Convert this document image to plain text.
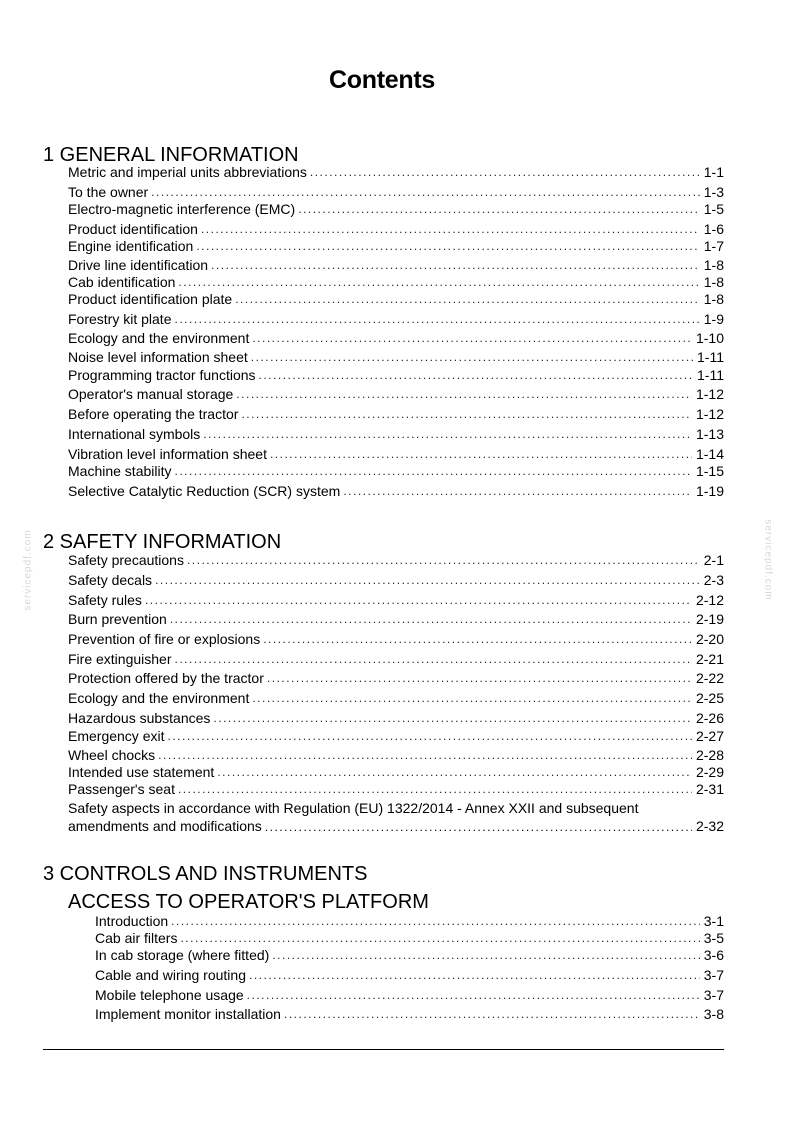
Contents
servicepdf.com	servicepdf.com
1 GENERAL INFORMATION
Metric and imperial units abbreviations .....	1-1
To the owner .....	1-3
Electro-magnetic interference (EMC) .....	1-5
Product identification .....	1-6
Engine identification .....	1-7
Drive line identification .....	1-8
Cab identification .....	1-8
Product identification plate .....	1-8
Forestry kit plate .....	1-9
Ecology and the environment .....	1-10
Noise level information sheet .....	1-11
Programming tractor functions .....	1-11
Operator's manual storage .....	1-12
Before operating the tractor .....	1-12
International symbols .....	1-13
Vibration level information sheet .....	1-14
Machine stability .....	1-15
Selective Catalytic Reduction (SCR) system .....	1-19
2 SAFETY INFORMATION
Safety precautions .....	2-1
Safety decals .....	2-3
Safety rules .....	2-12
Burn prevention .....	2-19
Prevention of fire or explosions .....	2-20
Fire extinguisher .....	2-21
Protection offered by the tractor .....	2-22
Ecology and the environment .....	2-25
Hazardous substances .....	2-26
Emergency exit .....	2-27
Wheel chocks .....	2-28
Intended use statement .....	2-29
Passenger's seat .....	2-31
Safety aspects in accordance with Regulation (EU) 1322/2014 - Annex XXII and subsequent
amendments and modifications .....	2-32
3 CONTROLS AND INSTRUMENTS
ACCESS TO OPERATOR'S PLATFORM
Introduction .....	3-1
Cab air filters .....	3-5
In cab storage (where fitted) .....	3-6
Cable and wiring routing .....	3-7
Mobile telephone usage .....	3-7
Implement monitor installation .....	3-8
